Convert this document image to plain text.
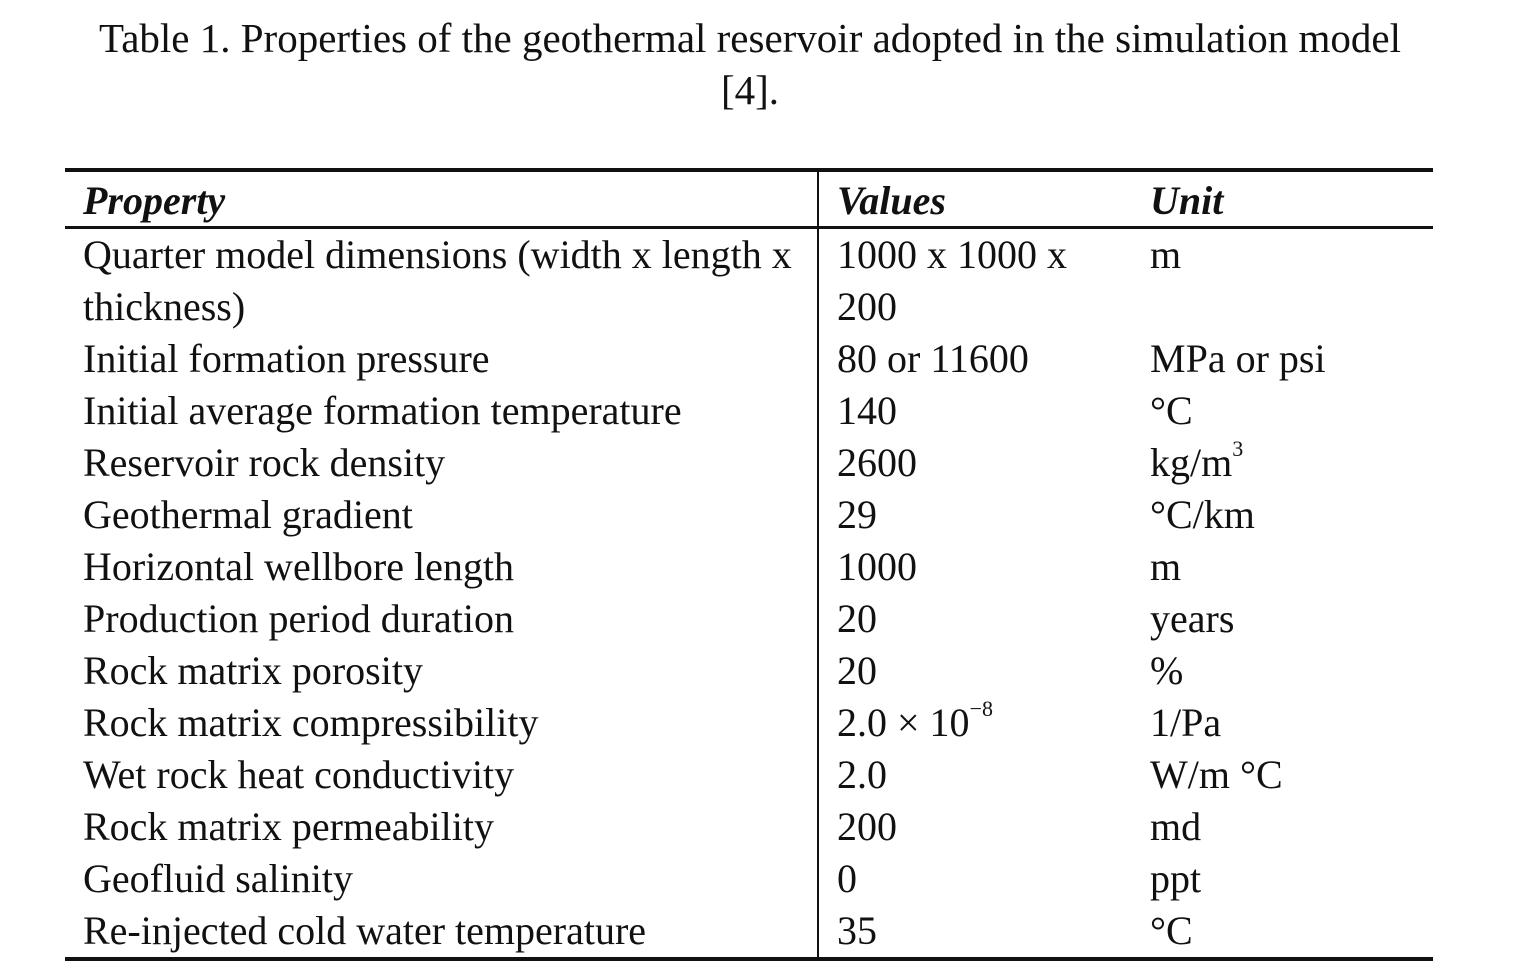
Table 1. Properties of the geothermal reservoir adopted in the simulation model
[4].
Property	Values	Unit
Quarter model dimensions (width x length x thickness)	1000 x 1000 x 200	m
Initial formation pressure	80 or 11600	MPa or psi
Initial average formation temperature	140	°C
Reservoir rock density	2600	$kg/m^3$
Geothermal gradient	29	°C/km
Horizontal wellbore length	1000	m
Production period duration	20	years
Rock matrix porosity	20	%
Rock matrix compressibility	$2.0 \times 10^{-8}$	1/Pa
Wet rock heat conductivity	2.0	W/m °C
Rock matrix permeability	200	md
Geofluid salinity	0	ppt
Re-injected cold water temperature	35	°C
